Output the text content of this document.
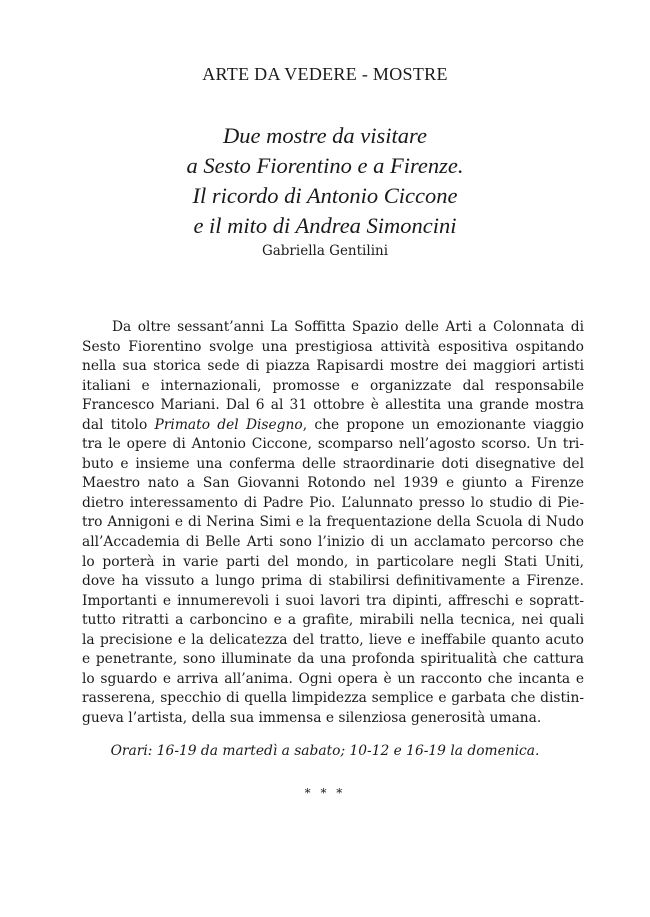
ARTE DA VEDERE - MOSTRE
Due mostre da visitare
a Sesto Fiorentino e a Firenze.
Il ricordo di Antonio Ciccone
e il mito di Andrea Simoncini
Gabriella Gentilini
Da oltre sessant’anni La Soffitta Spazio delle Arti a Colonnata di
Sesto Fiorentino svolge una prestigiosa attività espositiva ospitando
nella sua storica sede di piazza Rapisardi mostre dei maggiori artisti
italiani e internazionali, promosse e organizzate dal responsabile
Francesco Mariani. Dal 6 al 31 ottobre è allestita una grande mostra
dal titolo Primato del Disegno, che propone un emozionante viaggio
tra le opere di Antonio Ciccone, scomparso nell’agosto scorso. Un tri-
buto e insieme una conferma delle straordinarie doti disegnative del
Maestro nato a San Giovanni Rotondo nel 1939 e giunto a Firenze
dietro interessamento di Padre Pio. L’alunnato presso lo studio di Pie-
tro Annigoni e di Nerina Simi e la frequentazione della Scuola di Nudo
all’Accademia di Belle Arti sono l’inizio di un acclamato percorso che
lo porterà in varie parti del mondo, in particolare negli Stati Uniti,
dove ha vissuto a lungo prima di stabilirsi definitivamente a Firenze.
Importanti e innumerevoli i suoi lavori tra dipinti, affreschi e sopratt-
tutto ritratti a carboncino e a grafite, mirabili nella tecnica, nei quali
la precisione e la delicatezza del tratto, lieve e ineffabile quanto acuto
e penetrante, sono illuminate da una profonda spiritualità che cattura
lo sguardo e arriva all’anima. Ogni opera è un racconto che incanta e
rasserena, specchio di quella limpidezza semplice e garbata che distin-
gueva l’artista, della sua immensa e silenziosa generosità umana.
Orari: 16-19 da martedì a sabato; 10-12 e 16-19 la domenica.
* * *
